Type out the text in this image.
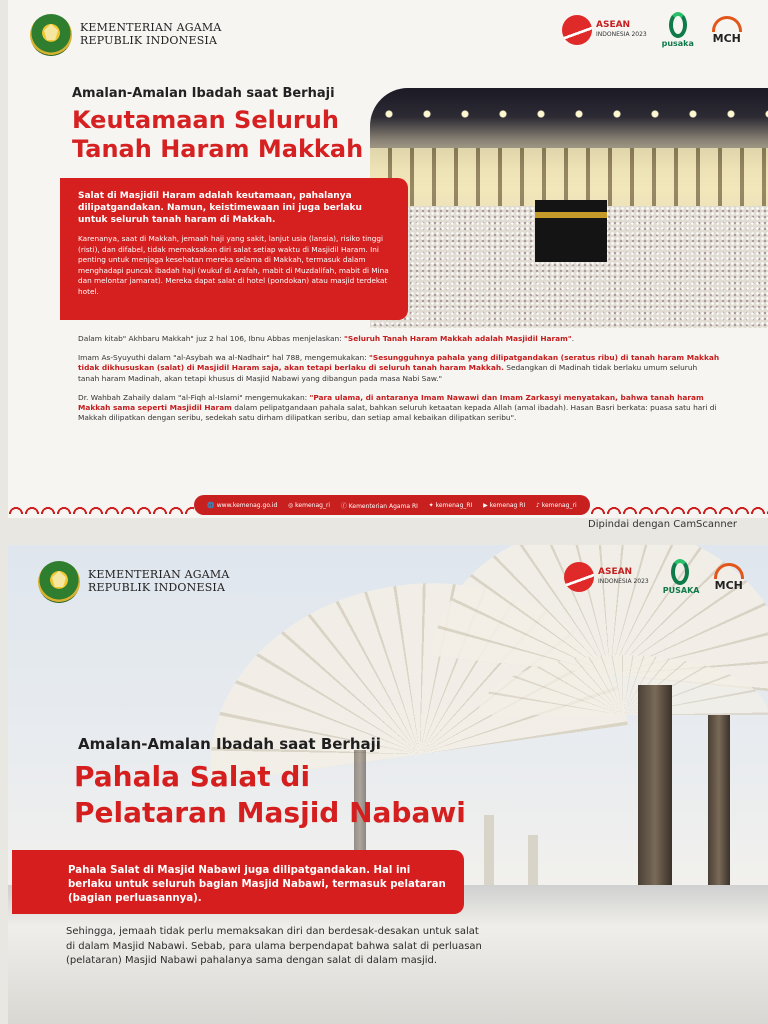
KEMENTERIAN AGAMA
REPUBLIK INDONESIA
ASEAN
INDONESIA 2023
pusaka	MCH
Amalan-Amalan Ibadah saat Berhaji
Keutamaan Seluruh
Tanah Haram Makkah
Salat di Masjidil Haram adalah keutamaan, pahalanya dilipatgandakan. Namun, keistimewaan ini juga berlaku untuk seluruh tanah haram di Makkah.
Karenanya, saat di Makkah, jemaah haji yang sakit, lanjut usia (lansia), risiko tinggi (risti), dan difabel, tidak memaksakan diri salat setiap waktu di Masjidil Haram. Ini penting untuk menjaga kesehatan mereka selama di Makkah, termasuk dalam menghadapi puncak ibadah haji (wukuf di Arafah, mabit di Muzdalifah, mabit di Mina dan melontar jamarat). Mereka dapat salat di hotel (pondokan) atau masjid terdekat hotel.

Dalam kitab" Akhbaru Makkah" juz 2 hal 106, Ibnu Abbas menjelaskan: "Seluruh Tanah Haram Makkah adalah Masjidil Haram".

Imam As-Syuyuthi dalam "al-Asybah wa al-Nadhair" hal 788, mengemukakan: "Sesungguhnya pahala yang dilipatgandakan (seratus ribu) di tanah haram Makkah tidak dikhususkan (salat) di Masjidil Haram saja, akan tetapi berlaku di seluruh tanah haram Makkah. Sedangkan di Madinah tidak berlaku umum seluruh tanah haram Madinah, akan tetapi khusus di Masjid Nabawi yang dibangun pada masa Nabi Saw."

Dr. Wahbah Zahaily dalam "al-Fiqh al-Islami" mengemukakan: "Para ulama, di antaranya Imam Nawawi dan Imam Zarkasyi menyatakan, bahwa tanah haram Makkah sama seperti Masjidil Haram dalam pelipatgandaan pahala salat, bahkan seluruh ketaatan kepada Allah (amal ibadah). Hasan Basri berkata: puasa satu hari di Makkah dilipatkan dengan seribu, sedekah satu dirham dilipatkan seribu, dan setiap amal kebaikan dilipatkan seribu".

🌐 www.kemenag.go.id ◎ kemenag_ri ⓕ Kementerian Agama RI ✦ kemenag_RI ▶ kemenag RI ♪ kemenag_ri
Dipindai dengan CamScanner
KEMENTERIAN AGAMA
REPUBLIK INDONESIA
ASEAN
INDONESIA 2023
PUSAKA	MCH
Amalan-Amalan Ibadah saat Berhaji
Pahala Salat di
Pelataran Masjid Nabawi
Pahala Salat di Masjid Nabawi juga dilipatgandakan. Hal ini berlaku untuk seluruh bagian Masjid Nabawi, termasuk pelataran (bagian perluasannya).
Sehingga, jemaah tidak perlu memaksakan diri dan berdesak-desakan untuk salat di dalam Masjid Nabawi. Sebab, para ulama berpendapat bahwa salat di perluasan (pelataran) Masjid Nabawi pahalanya sama dengan salat di dalam masjid.
